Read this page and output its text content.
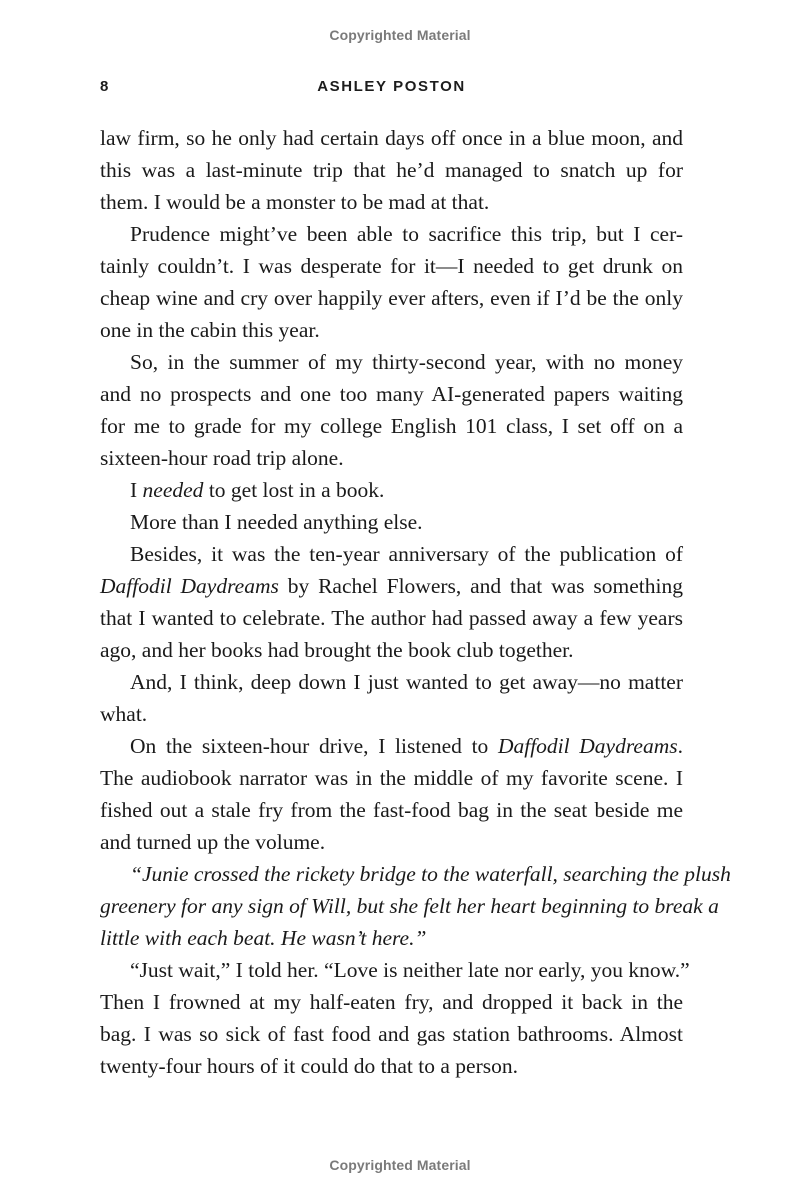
Copyrighted Material
8	ASHLEY POSTON
law firm, so he only had certain days off once in a blue moon, and
this was a last-minute trip that he’d managed to snatch up for
them. I would be a monster to be mad at that.
Prudence might’ve been able to sacrifice this trip, but I cer-
tainly couldn’t. I was desperate for it—I needed to get drunk on
cheap wine and cry over happily ever afters, even if I’d be the only
one in the cabin this year.
So, in the summer of my thirty-second year, with no money
and no prospects and one too many AI-generated papers waiting
for me to grade for my college English 101 class, I set off on a
sixteen-hour road trip alone.
I needed to get lost in a book.
More than I needed anything else.
Besides, it was the ten-year anniversary of the publication of
Daffodil Daydreams by Rachel Flowers, and that was something
that I wanted to celebrate. The author had passed away a few years
ago, and her books had brought the book club together.
And, I think, deep down I just wanted to get away—no matter
what.
On the sixteen-hour drive, I listened to Daffodil Daydreams.
The audiobook narrator was in the middle of my favorite scene. I
fished out a stale fry from the fast-food bag in the seat beside me
and turned up the volume.
“Junie crossed the rickety bridge to the waterfall, searching the plush
greenery for any sign of Will, but she felt her heart beginning to break a
little with each beat. He wasn’t here.”
“Just wait,” I told her. “Love is neither late nor early, you know.”
Then I frowned at my half-eaten fry, and dropped it back in the
bag. I was so sick of fast food and gas station bathrooms. Almost
twenty-four hours of it could do that to a person.
Copyrighted Material
